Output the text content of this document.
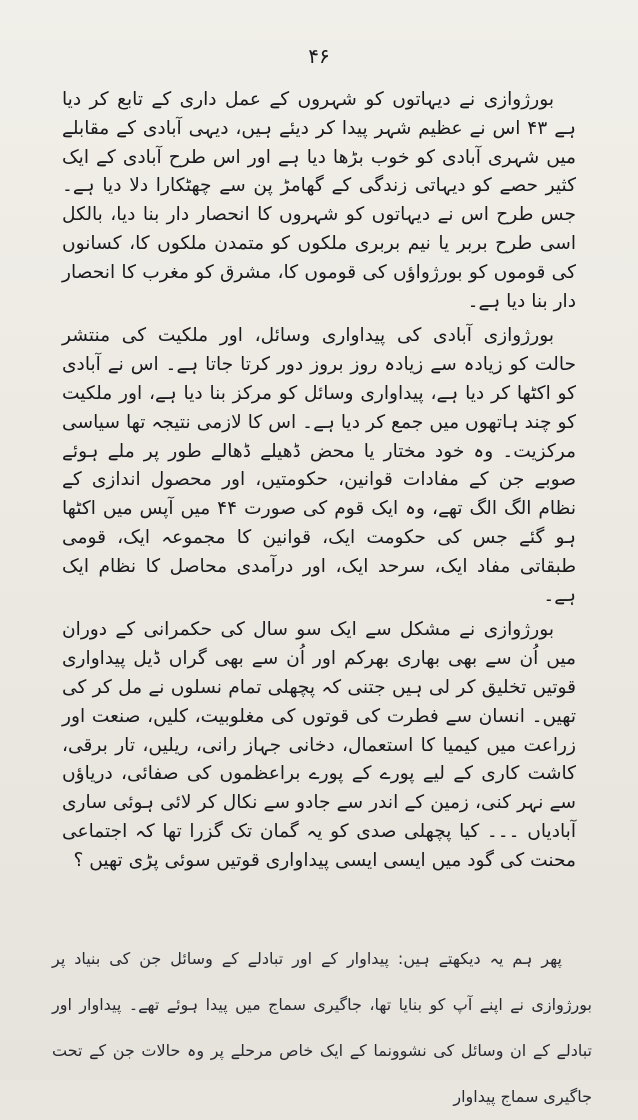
۴۶

بورژوازی نے دیہاتوں کو شہروں کے عمل داری کے تابع کر دیا ہے ۴۳ اس نے عظیم شہر پیدا کر دیئے ہیں، دیہی آبادی کے مقابلے میں شہری آبادی کو خوب بڑھا دیا ہے اور اس طرح آبادی کے ایک کثیر حصے کو دیہاتی زندگی کے گھامڑ پن سے چھٹکارا دلا دیا ہے۔ جس طرح اس نے دیہاتوں کو شہروں کا انحصار دار بنا دیا، بالکل اسی طرح بربر یا نیم بربری ملکوں کو متمدن ملکوں کا، کسانوں کی قوموں کو بورژواؤں کی قوموں کا، مشرق کو مغرب کا انحصار دار بنا دیا ہے۔

بورژوازی آبادی کی پیداواری وسائل، اور ملکیت کی منتشر حالت کو زیادہ سے زیادہ روز بروز دور کرتا جاتا ہے۔ اس نے آبادی کو اکٹھا کر دیا ہے، پیداواری وسائل کو مرکز بنا دیا ہے، اور ملکیت کو چند ہاتھوں میں جمع کر دیا ہے۔ اس کا لازمی نتیجہ تھا سیاسی مرکزیت۔ وہ خود مختار یا محض ڈھیلے ڈھالے طور پر ملے ہوئے صوبے جن کے مفادات قوانین، حکومتیں، اور محصول اندازی کے نظام الگ الگ تھے، وہ ایک قوم کی صورت ۴۴ میں آپس میں اکٹھا ہو گئے جس کی حکومت ایک، قوانین کا مجموعہ ایک، قومی طبقاتی مفاد ایک، سرحد ایک، اور درآمدی محاصل کا نظام ایک ہے۔

بورژوازی نے مشکل سے ایک سو سال کی حکمرانی کے دوران میں اُن سے بھی بھاری بھرکم اور اُن سے بھی گراں ڈیل پیداواری قوتیں تخلیق کر لی ہیں جتنی کہ پچھلی تمام نسلوں نے مل کر کی تھیں۔ انسان سے فطرت کی قوتوں کی مغلوبیت، کلیں، صنعت اور زراعت میں کیمیا کا استعمال، دخانی جہاز رانی، ریلیں، تار برقی، کاشت کاری کے لیے پورے کے پورے براعظموں کی صفائی، دریاؤں سے نہر کنی، زمین کے اندر سے جادو سے نکال کر لائی ہوئی ساری آبادیاں ۔۔۔ کیا پچھلی صدی کو یہ گمان تک گزرا تھا کہ اجتماعی محنت کی گود میں ایسی ایسی پیداواری قوتیں سوئی پڑی تھیں ؟

پھر ہم یہ دیکھتے ہیں: پیداوار کے اور تبادلے کے وسائل جن کی بنیاد پر بورژوازی نے اپنے آپ کو بنایا تھا، جاگیری سماج میں پیدا ہوئے تھے۔ پیداوار اور تبادلے کے ان وسائل کی نشوونما کے ایک خاص مرحلے پر وہ حالات جن کے تحت جاگیری سماج پیداوار
